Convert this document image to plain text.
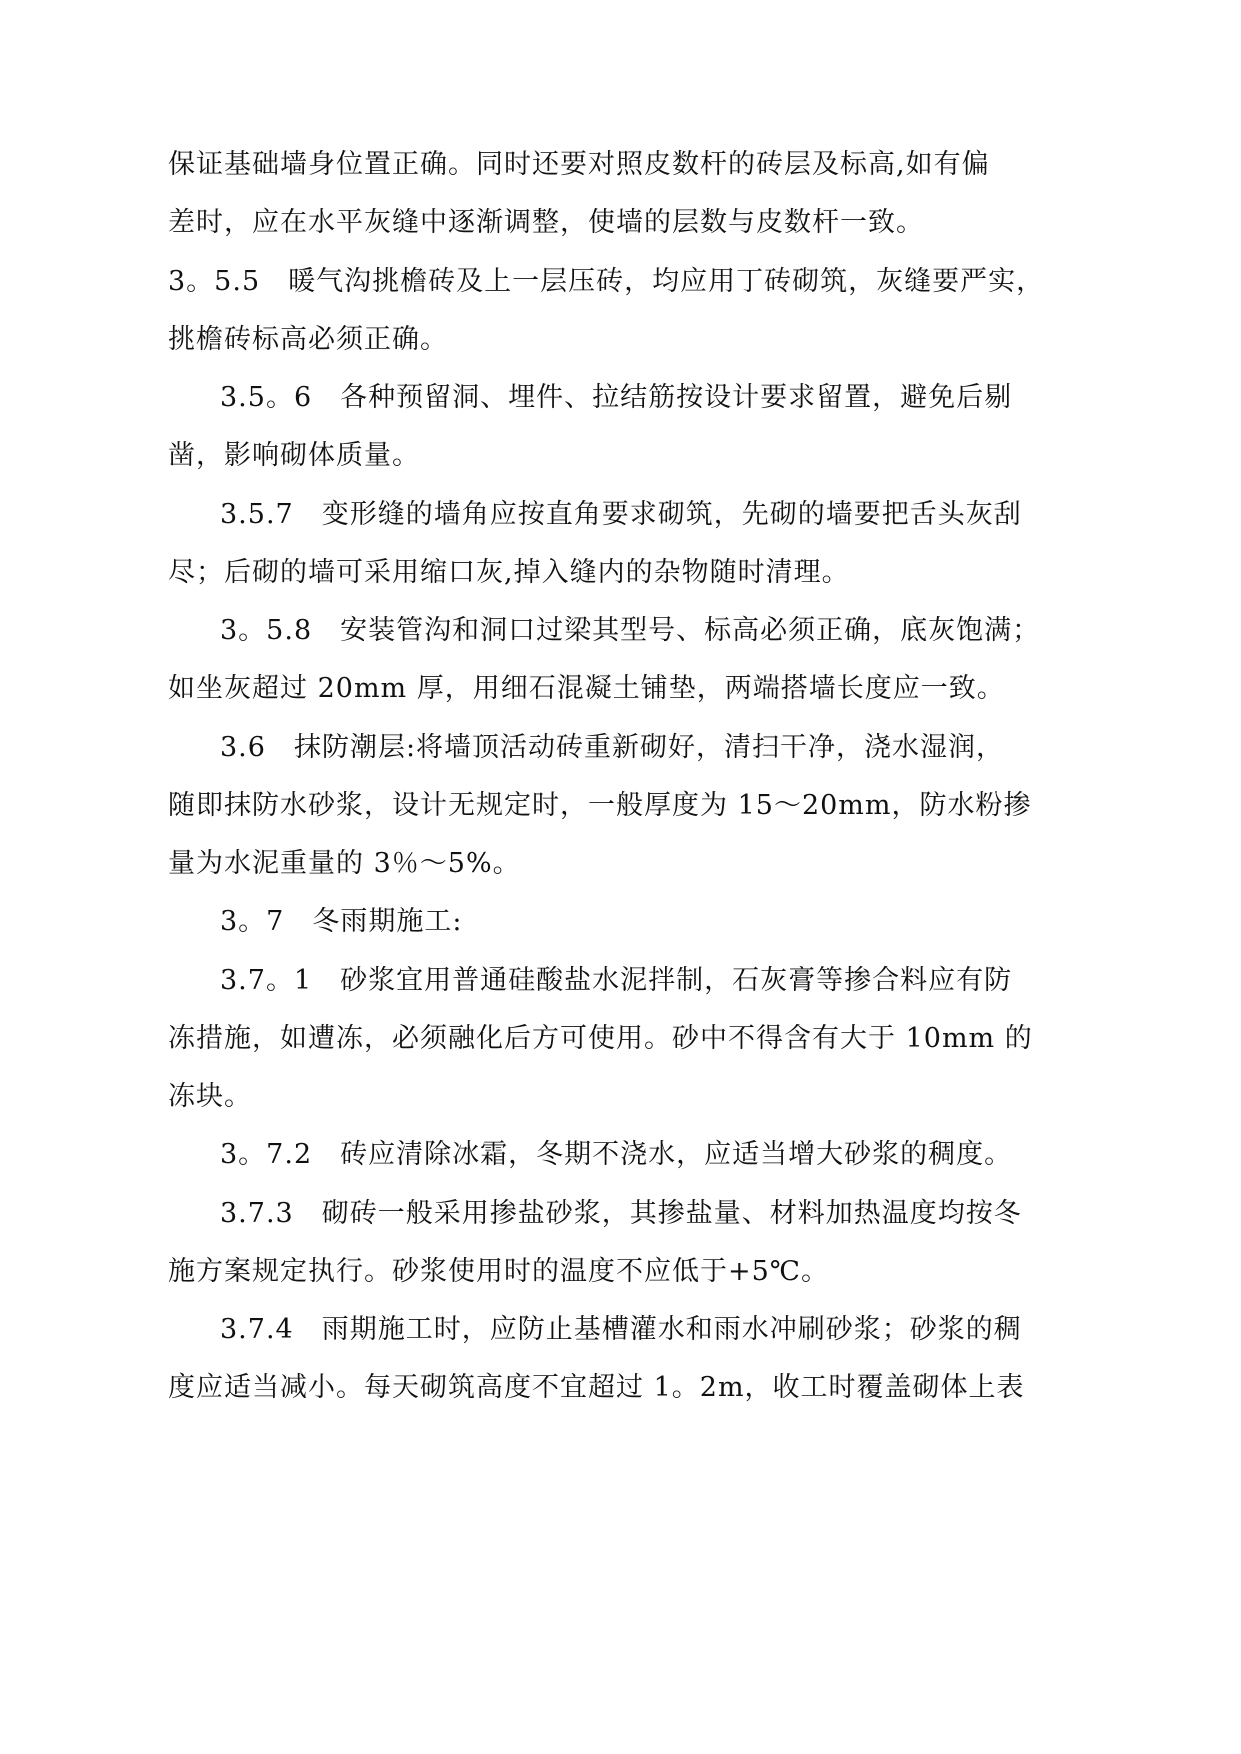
保证基础墙身位置正确。同时还要对照皮数杆的砖层及标高,如有偏
差时，应在水平灰缝中逐渐调整，使墙的层数与皮数杆一致。
3。5.5　暖气沟挑檐砖及上一层压砖，均应用丁砖砌筑，灰缝要严实，
挑檐砖标高必须正确。
3.5。6　各种预留洞、埋件、拉结筋按设计要求留置，避免后剔
凿，影响砌体质量。
3.5.7　变形缝的墙角应按直角要求砌筑，先砌的墙要把舌头灰刮
尽；后砌的墙可采用缩口灰,掉入缝内的杂物随时清理。
3。5.8　安装管沟和洞口过梁其型号、标高必须正确，底灰饱满；
如坐灰超过 20mm 厚，用细石混凝土铺垫，两端搭墙长度应一致。
3.6　抹防潮层:将墙顶活动砖重新砌好，清扫干净，浇水湿润，
随即抹防水砂浆，设计无规定时，一般厚度为 15～20mm，防水粉掺
量为水泥重量的 3％～5%。
3。7　冬雨期施工:
3.7。1　砂浆宜用普通硅酸盐水泥拌制，石灰膏等掺合料应有防
冻措施，如遭冻，必须融化后方可使用。砂中不得含有大于 10mm 的
冻块。
3。7.2　砖应清除冰霜，冬期不浇水，应适当增大砂浆的稠度。
3.7.3　砌砖一般采用掺盐砂浆，其掺盐量、材料加热温度均按冬
施方案规定执行。砂浆使用时的温度不应低于+5℃。
3.7.4　雨期施工时，应防止基槽灌水和雨水冲刷砂浆；砂浆的稠
度应适当减小。每天砌筑高度不宜超过 1。2m，收工时覆盖砌体上表
